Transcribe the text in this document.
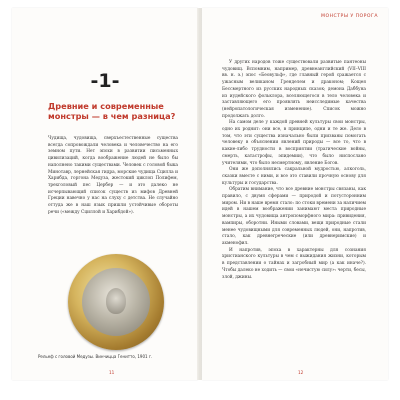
-1-
Древние и современные монстры — в чем разница?
Чудища, чудовища, сверхъестественные существа всегда сопровождали человека и человечество на его земном пути. Нет эпохи в развитии письменных цивилизаций, когда воображение людей не было бы наполнено такими существами. Человек с головой быка Минотавр, лернейская гидра, морские чудища Сцилла и Харибда, горгона Медуза, жестокий циклоп Полифем, трехголовый пес Цербер — и это далеко не исчерпывающий список существ из мифов Древней Греции навечно у нас на слуху с детства. Не случайно оттуда же в наш язык пришли устойчивые обороты речи («между Сциллой и Харибдой»).
Рельеф с головой Медузы. Винчицца Генитто, 1901 г.
11

У других народов тоже существовали развитые пантеоны чудовищ. Вспомним, например, древнеанглийский (VII–VIII вв. н. э.) эпос «Беовульф», где главный герой сражается с ужасным великаном Гренделем и драконом; Кощея Бессмертного из русских народных сказок; демона Даббуна из иудейского фольклора, вселяющегося в тело человека и заставляющего его проявлять неисследимые качества (нейропатологическая изменение). Список можно продолжать долго.

На самом деле у каждой древней культуры свои монстры, одно их роднит: они все, в принципе, одни и те же. Дело в том, что эти существа изначально были призваны помогать человеку в объяснении явлений природы — все то, что в какие-либо трудности в восприятии (трагические войны, смерть, катастрофы, эпидемии), что было ниспослано учителями, что было несмертному, явление Богов.

Они же дополнялись сакральной мудростью, алкоголь, сказки вместе с ними, и все это ставили прочную основу для культуры и государства.

Обратим внимание, что все древние монстры связаны, как правило, с двумя сферами — природой и потусторонним миром. Ни в наше время стало: по стоки времени за наличием идей в нашем воображении занимают места природные монстры, а их чудовища антропоморфного мира: привидения, вампиры, оборотни. Иными словами, вещи природные стали менее чудовищными для современных людей, они, напротив, стало, как древнегреческие (или древнеримские) и ахменофил.

И напротив, эпоха в характерны для сознания христианского культуры в чем с выжидания жизни, которым в представлении о тайнах и загробный мир (а как иначе?). Чтобы далеко не ходить — свои «нечистую силу»: черти, бесы, злой, джины.

12
МОНСТРЫ У ПОРОГА
